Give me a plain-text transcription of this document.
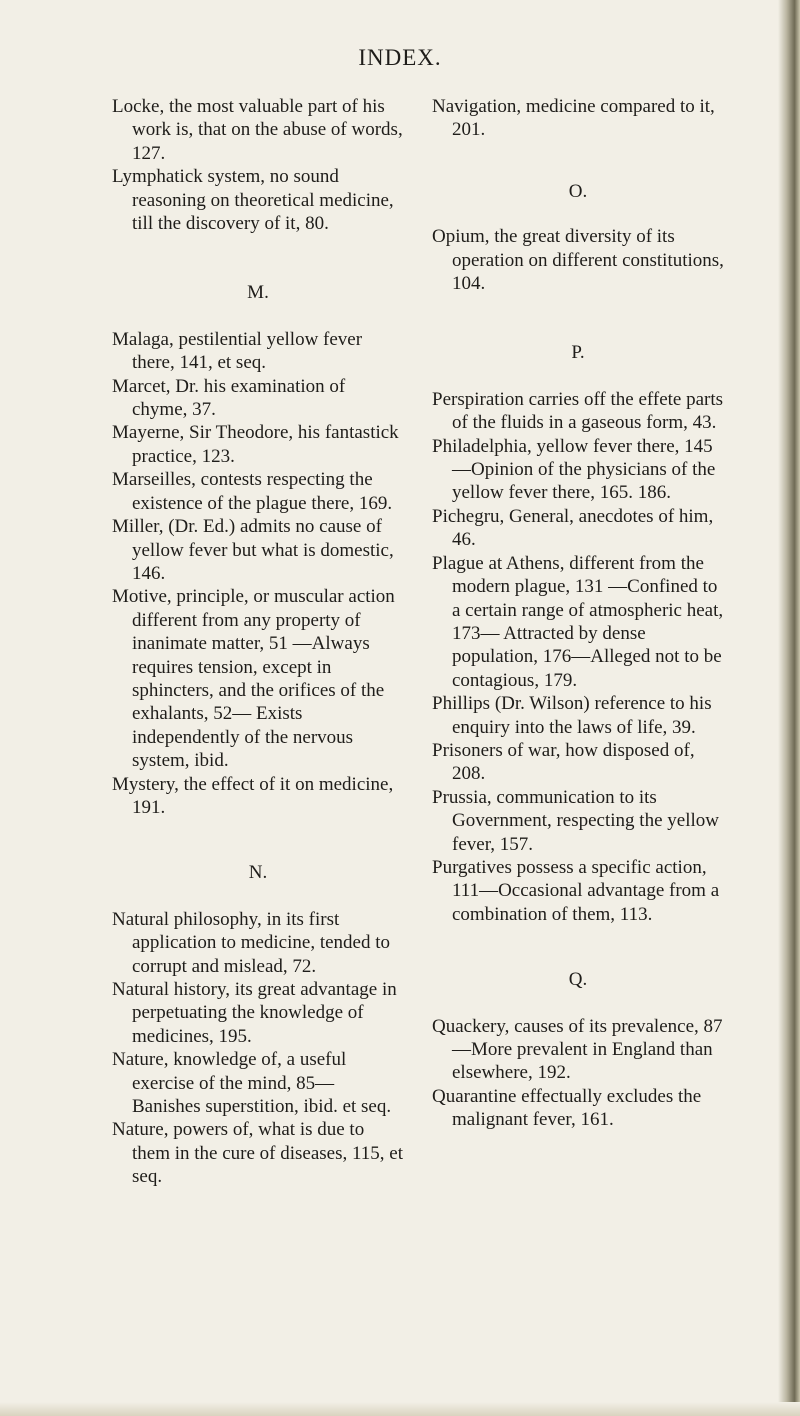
INDEX.
Locke, the most valuable part of his work is, that on the abuse of words, 127.
Lymphatick system, no sound reasoning on theoretical medicine, till the discovery of it, 80.
M.
Malaga, pestilential yellow fever there, 141, et seq.
Marcet, Dr. his examination of chyme, 37.
Mayerne, Sir Theodore, his fantastick practice, 123.
Marseilles, contests respecting the existence of the plague there, 169.
Miller, (Dr. Ed.) admits no cause of yellow fever but what is domestic, 146.
Motive, principle, or muscular action different from any property of inanimate matter, 51 —Always requires tension, except in sphincters, and the orifices of the exhalants, 52— Exists independently of the nervous system, ibid.
Mystery, the effect of it on medicine, 191.
N.
Natural philosophy, in its first application to medicine, tended to corrupt and mislead, 72.
Natural history, its great advantage in perpetuating the knowledge of medicines, 195.
Nature, knowledge of, a useful exercise of the mind, 85— Banishes superstition, ibid. et seq.
Nature, powers of, what is due to them in the cure of diseases, 115, et seq.
Navigation, medicine compared to it, 201.
O.
Opium, the great diversity of its operation on different constitutions, 104.
P.
Perspiration carries off the effete parts of the fluids in a gaseous form, 43.
Philadelphia, yellow fever there, 145—Opinion of the physicians of the yellow fever there, 165. 186.
Pichegru, General, anecdotes of him, 46.
Plague at Athens, different from the modern plague, 131 —Confined to a certain range of atmospheric heat, 173— Attracted by dense population, 176—Alleged not to be contagious, 179.
Phillips (Dr. Wilson) reference to his enquiry into the laws of life, 39.
Prisoners of war, how disposed of, 208.
Prussia, communication to its Government, respecting the yellow fever, 157.
Purgatives possess a specific action, 111—Occasional advantage from a combination of them, 113.
Q.
Quackery, causes of its prevalence, 87—More prevalent in England than elsewhere, 192.
Quarantine effectually excludes the malignant fever, 161.
